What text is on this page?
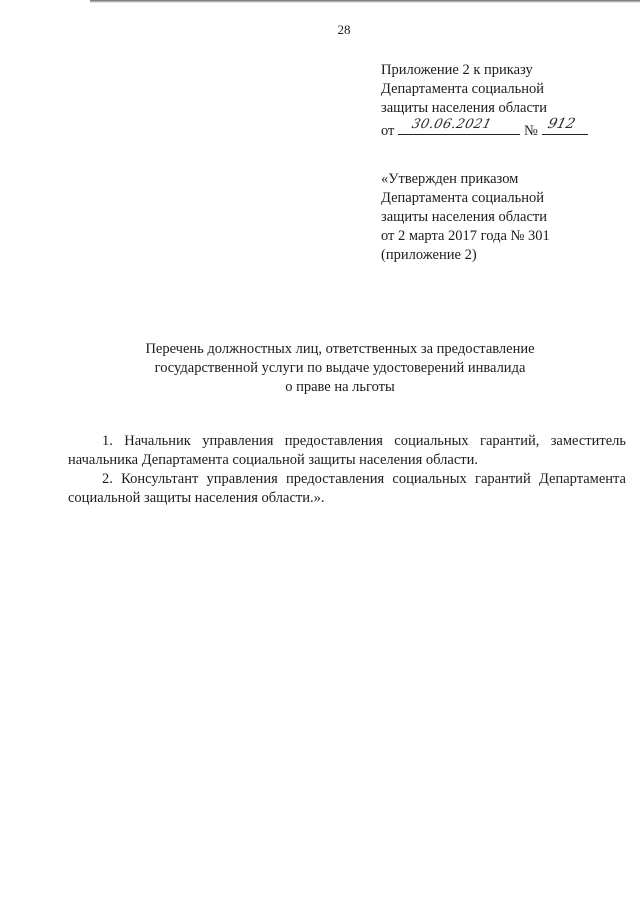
28
Приложение 2 к приказу
Департамента социальной
защиты населения области
от 30.06.2021 № 912
«Утвержден приказом
Департамента социальной
защиты населения области
от 2 марта 2017 года № 301
(приложение 2)
Перечень должностных лиц, ответственных за предоставление
государственной услуги по выдаче удостоверений инвалида
о праве на льготы

1. Начальник управления предоставления социальных гарантий, заместитель начальника Департамента социальной защиты населения области.

2. Консультант управления предоставления социальных гарантий Департамента социальной защиты населения области.».
